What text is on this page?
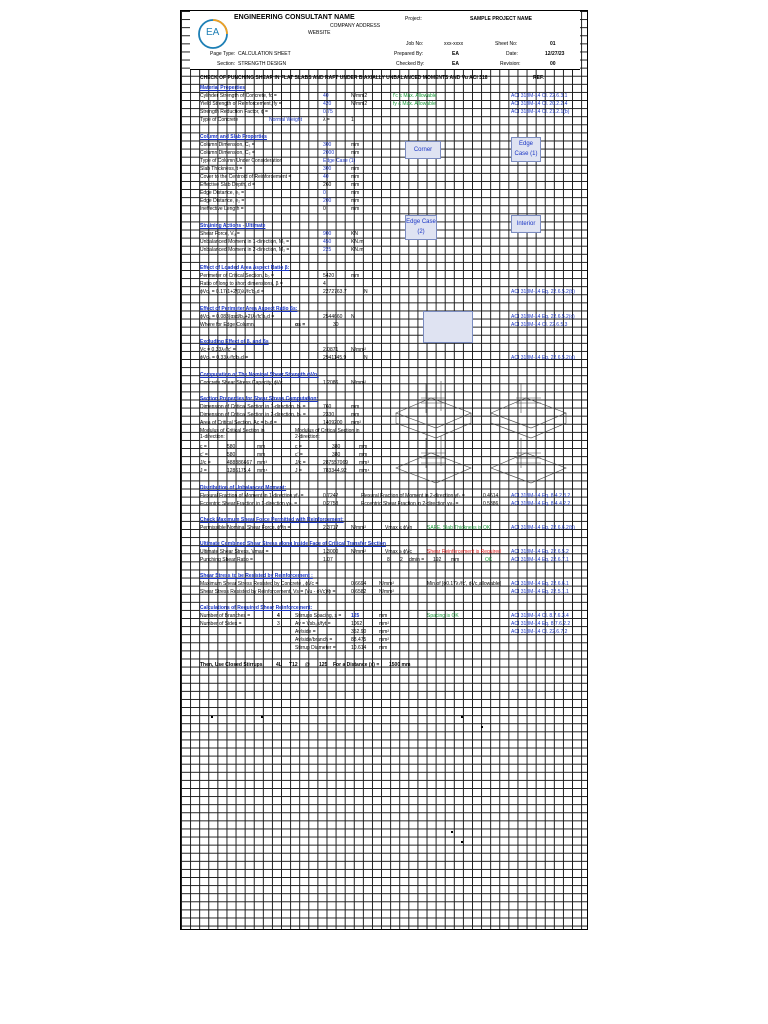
EA
ENGINEERING CONSULTANT NAME
COMPANY ADDRESS
WEBSITE
Project:	SAMPLE PROJECT NAME
Job No:	xxx-xxxx	Sheet No:	01
Page Type: CALCULATION SHEET	Prepared By:	EA	Date:	12/27/23
Section: STRENGTH DESIGN	Checked By:	EA	Revision:	00
CHECK OF PUNCHING SHEAR IN FLAT SLABS AND RAFT UNDER BIAXIALLY UNBALANCED MOMENTS AND Vu ACI 318	REF.
Material Properties
Cylinder Strength of Concrete, fc =	40	N/mm2	f'c ≤ Max. Allowable	ACI 318M-14 Cl. 22.6.3.1
Yield Strength of Reinforcement, fy =	420	N/mm2	fy ≤ Max. Allowable	ACI 318M-14 Cl. 20.2.2.4
Strength Reduction Factor, ϕ =	0.75	ACI 318M-14 Cl. 21.2.1(b)
Type of Concrete	Normal Weight	λ =	1
Column and Slab Properties
Column Dimension, C₁ =	300	mm
Column Dimension, C₂ =	2000	mm
Type of Column Under Consideration	Edge Case (1)
Slab Thickness, t =	300	mm
Cover to the Centroid of Reinforcement =	40	mm
Effective Slab Depth, d =	260	mm
Edge Distance, e₁ =	0	mm
Edge Distance, e₂ =	200	mm
Ineffective Length =	0	mm
Straining Actions - Ultimate
Shear Force, Vᵤ =	900	KN
Unbalanced Moment in 1-direction, M₁ =	450	KN.m
Unbalanced Moment in 2-direction, M₂ =	225	KN.m
Effect of Loaded Area Aspect Ratio β:
Perimeter of Critical Section, b₀ =	5420	mm
Ratio of long to short dimensions, β =	4
ϕVc₁ = 0.17(1+2/β)λ√fc'b₀d =	2272763.7	N	ACI 318M-14 Eq. 22.6.5.2(b)
Effect of Perimeter Area Aspect Ratio βs:
ϕVc₂ = 0.083(αsd/b₀+2)λ√fc'b₀d =	2544660 N	ACI 318M-14 Eq. 22.6.5.2(c)
Where for Edge Column,	αs =	30	ACI 318M-14 Cl. 22.6.5.3
Excluding Effect of β, and βs
Vc = 0.33λ√fc' =	2.0871	N/mm²
ϕVc₃ = 0.33λ√fc'b₀d =	2941145.9	N	ACI 318M-14 Eq. 22.6.5.2(a)
Computation of The Nominal Shear Strength ϕVn:
Concrete Shear Stress Capacity, ϕVc	1.2086	N/mm²
Section Properties for Shear Stress Computation:
Dimension of Critical Section in 1-direction, b₁ =	760	mm
Dimension of Critical Section in 2-direction, b₂ =	2330	mm
Area of Critical Section, Ac = b₀d =	1409200 mm²
Modulus of Critical Section in 1-direction:
Modulus of Critical Section in 2-direction:
c =	580	mm	c =	380	mm
c' =	580	mm	c' =	380	mm
J/c =	488386667 mm³	J/c =	287557069 mm³
J =	1286175.4 mm⁴	J =	783344.92 mm⁴
Distribution of Unbalanced Moment:
Flexural Fraction of Moment in 1-direction γf₁ =	0.7242	Flexural Fraction of Moment in 2-direction γf₂ =	0.4614	ACI 318M-14 Eq. 8.4.2.3.2
Eccentric Shear Fraction in 1-direction γv₁ =	0.2758	Eccentric Shear Fraction in 2-direction γv₂ =	0.5386	ACI 318M-14 Eq. 8.4.4.2.2
Check Maximum Shear Force Permitted with Reinforcement:
Permissible Nominal Shear Force, ϕVn =	2.3717	N/mm²	Vmax ≤ ϕVn	SAFE, Slab Thickness is OK	ACI 318M-14 Eq. 22.6.6.2(b)
Ultimate Combined Shear Stress along Inside Face of Critical Transfer Section
Ultimate Shear Stress, Vmax =	1.3000	N/mm²	Vmax ≥ ϕVc	Shear Reinforcement is Required ACI 318M-14 Eq. 22.6.5.2
Punching Shear Ratio =	1.07	8 2 dmin = 192 mm	OK	ACI 318M-14 Eq. 22.6.7.1
Shear Stress to be Resisted by Reinforcement :
Maximum Shear Stress Resisted by Concrete , ϕVc =	0.6694	N/mm²	Min.of [ϕ0.17λ√fc', ϕVc,allowable] ACI 318M-14 Eq. 22.6.6.1
Shear Stress Resisted by Reinforcement, Vs = (Vu - ϕVc)/ϕ =	0.6582	N/mm²	ACI 318M-14 Eq. 22.5.1.1
Calculations of Required Shear Reinforcement:
Number of Branches =	4	Stirrups Spacing, s = 125	mm	Spacing is OK	ACI 318M-14 Cl. 8.7.6.3.4
Number of Sides =	3	Av = Vsb₀s/fyt =	1062	mm²	ACI 318M-14 Eq. 8.7.6.2.2
Av/side =	352.90	mm²	ACI 318M-14 Cl. 22.6.7.2
Av/side/branch =	88.475	mm²
Stirrup Diameter =	10.614	mm
Then, Use Closed Stirrups	4L T12 @ 125 For a Distance (x) = 1500 mm
Corner
Edge Case (1)
Edge Case (2)
Interior
